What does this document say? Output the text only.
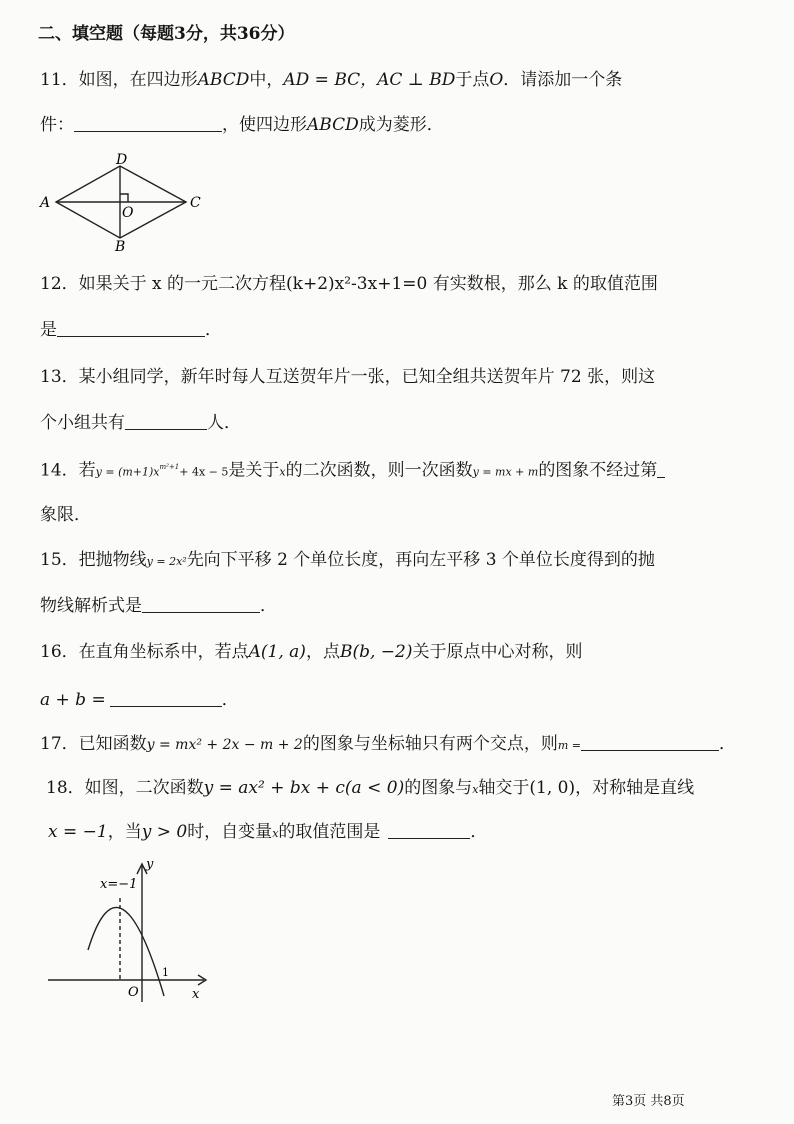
二、填空题（每题3分，共36分）
11．如图，在四边形ABCD中，AD = BC，AC ⊥ BD于点O．请添加一个条
件：	，使四边形ABCD成为菱形．
D
A	C
B
O
12．如果关于 x 的一元二次方程(k+2)x²-3x+1=0 有实数根，那么 k 的取值范围
是	．
13．某小组同学，新年时每人互送贺年片一张，已知全组共送贺年片 72 张，则这
个小组共有	人．
14．若$y = (m+1)x^{m^2+1}+ 4x - 5$是关于x的二次函数，则一次函数y = mx + m的图象不经过第
象限．
15．把抛物线y = 2x²先向下平移 2 个单位长度，再向左平移 3 个单位长度得到的抛
物线解析式是	．
16．在直角坐标系中，若点A(1, a)，点B(b, −2)关于原点中心对称，则
a + b =	．
17．已知函数y = mx² + 2x − m + 2的图象与坐标轴只有两个交点，则m =	．
18．如图，二次函数y = ax² + bx + c(a < 0)的图象与x轴交于(1, 0)，对称轴是直线
x = −1，当y > 0时，自变量x的取值范围是	．
x=−1
y
x
O
1
第3页 共8页
